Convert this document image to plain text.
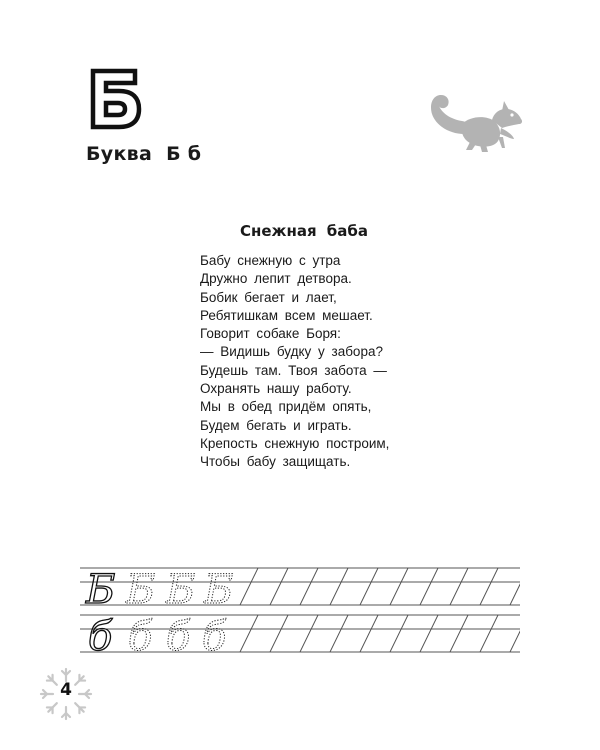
Буква Б б
Снежная баба
Бабу снежную с утра
Дружно лепит детвора.
Бобик бегает и лает,
Ребятишкам всем мешает.
Говорит собаке Боря:
— Видишь будку у забора?
Будешь там. Твоя забота —
Охранять нашу работу.
Мы в обед придём опять,
Будем бегать и играть.
Крепость снежную построим,
Чтобы бабу защищать.
Б
б
Б Б Б
б б б
4
